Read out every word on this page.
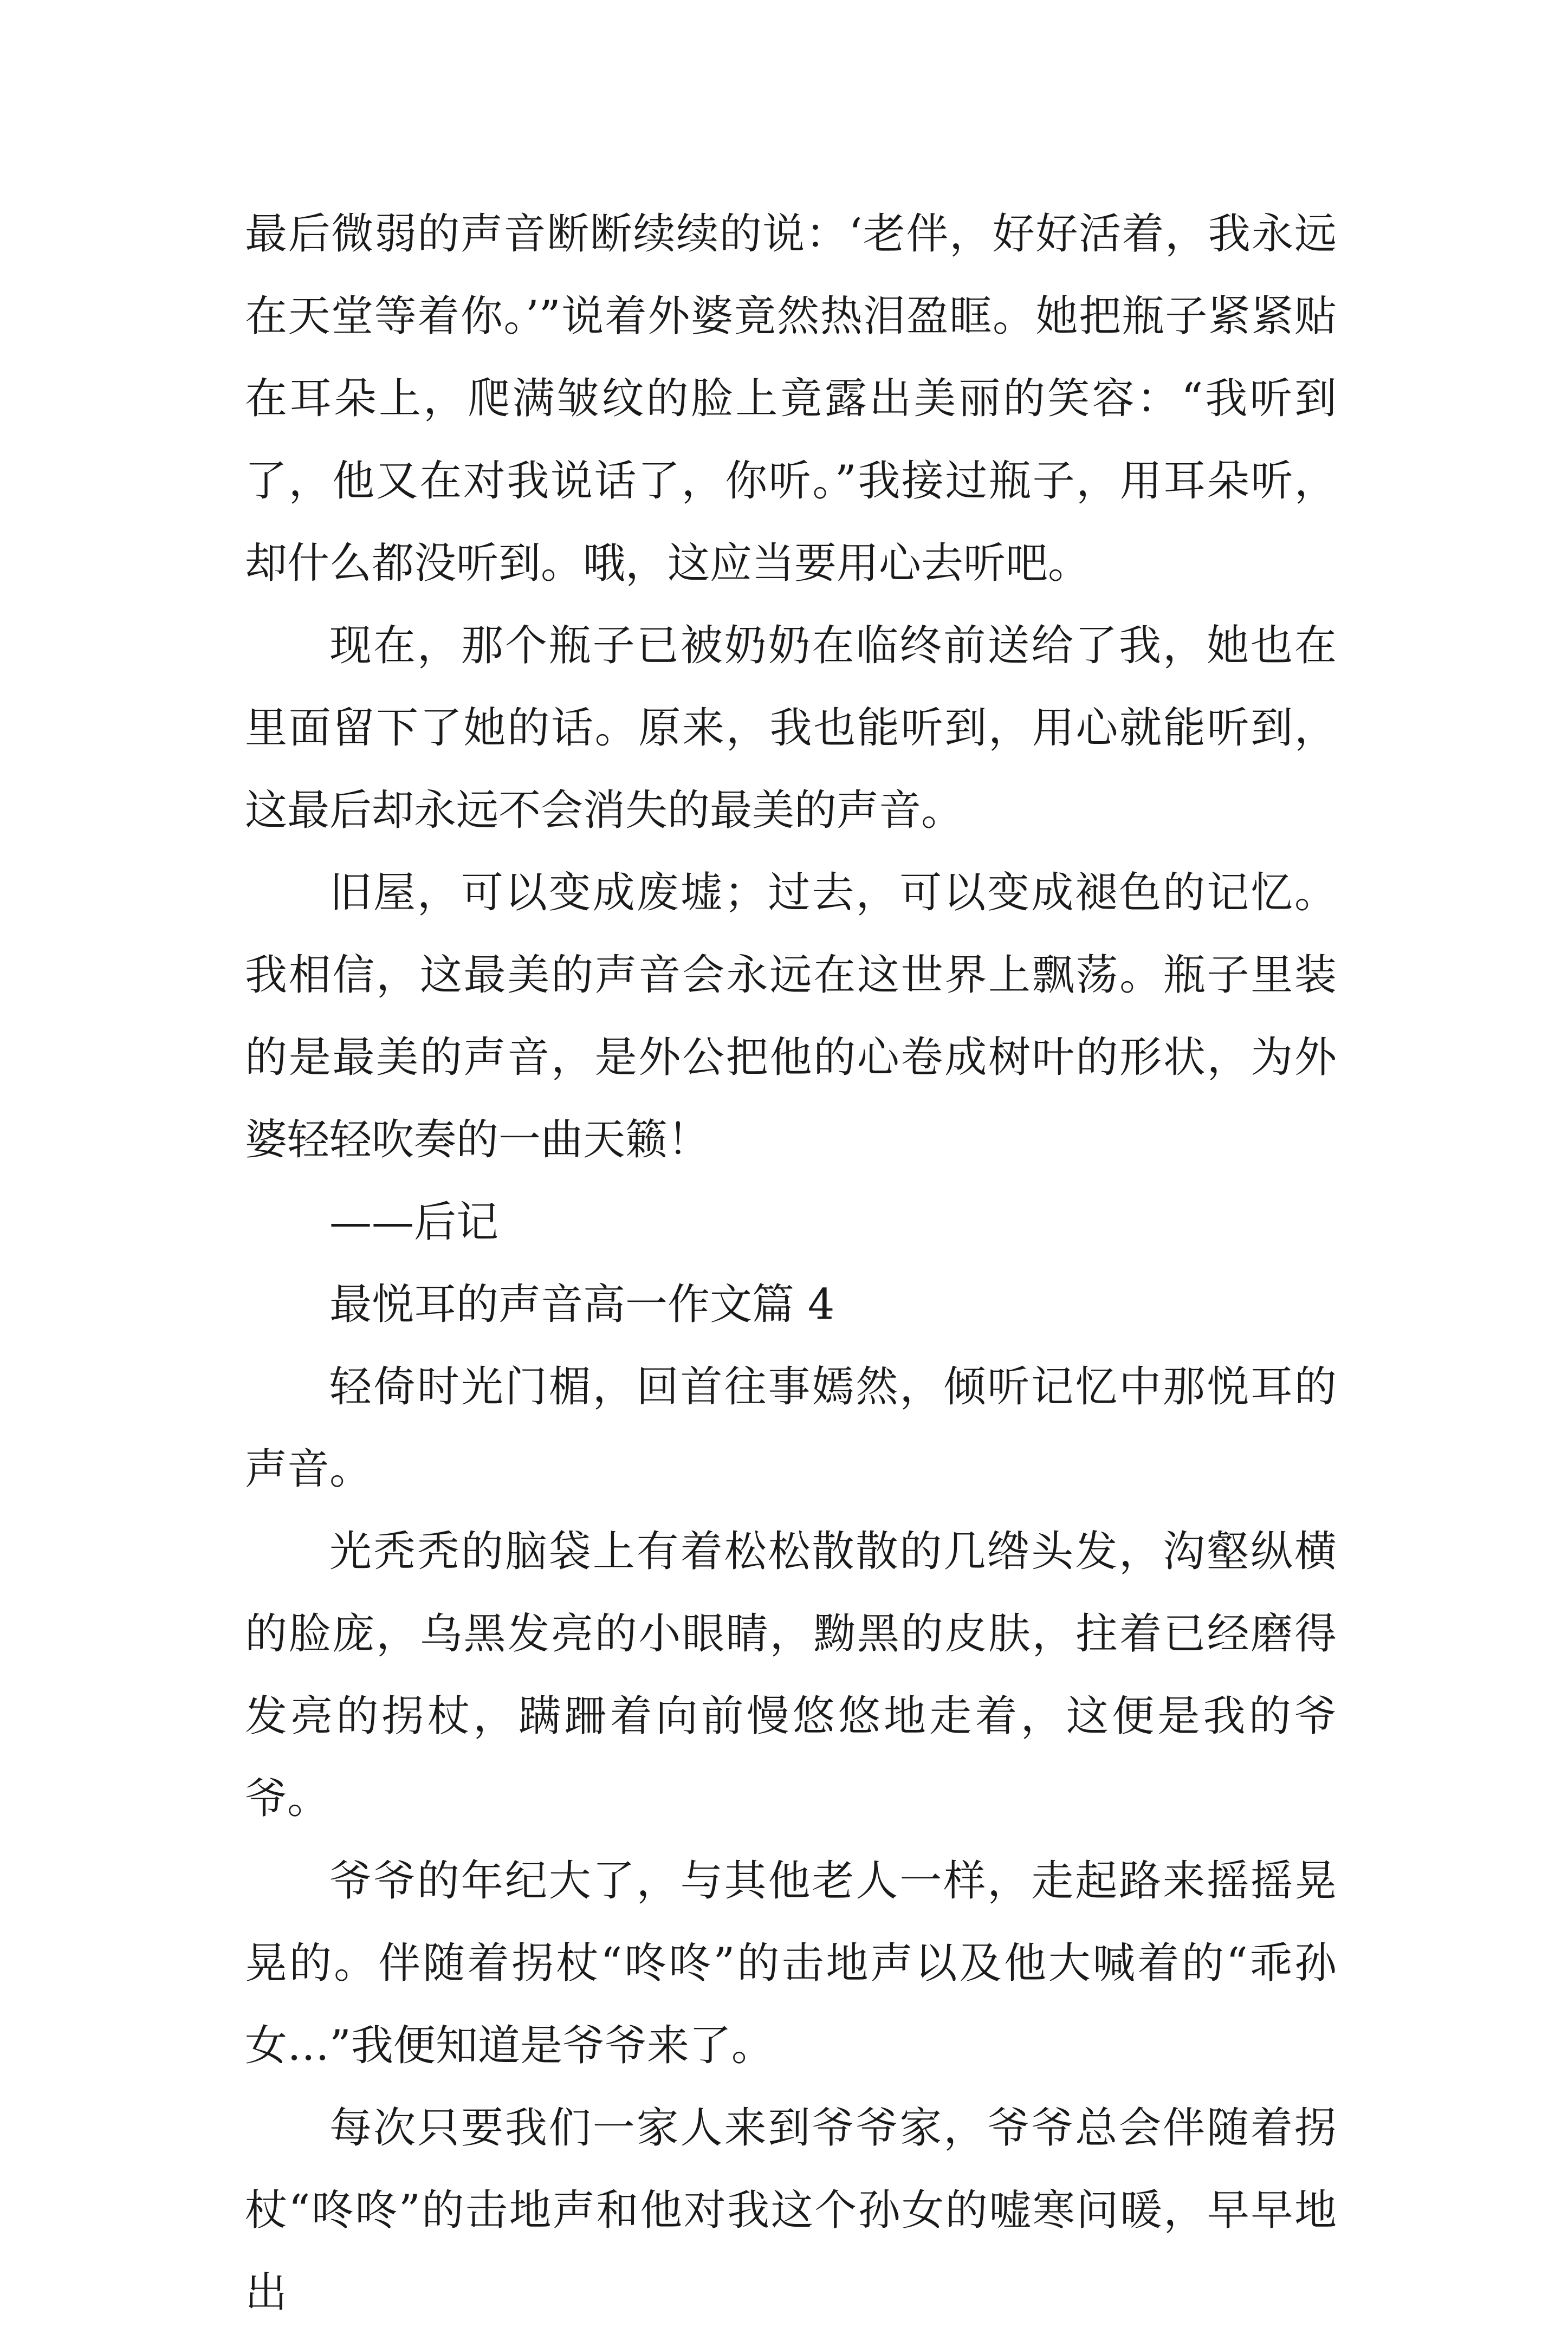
最后微弱的声音断断续续的说：‘老伴，好好活着，我永远在天堂等着你。’”说着外婆竟然热泪盈眶。她把瓶子紧紧贴在耳朵上，爬满皱纹的脸上竟露出美丽的笑容：“我听到了，他又在对我说话了，你听。”我接过瓶子，用耳朵听，却什么都没听到。哦，这应当要用心去听吧。

现在，那个瓶子已被奶奶在临终前送给了我，她也在里面留下了她的话。原来，我也能听到，用心就能听到，这最后却永远不会消失的最美的声音。

旧屋，可以变成废墟；过去，可以变成褪色的记忆。我相信，这最美的声音会永远在这世界上飘荡。瓶子里装的是最美的声音，是外公把他的心卷成树叶的形状，为外婆轻轻吹奏的一曲天籁！

——后记

最悦耳的声音高一作文篇 4

轻倚时光门楣，回首往事嫣然，倾听记忆中那悦耳的声音。

光秃秃的脑袋上有着松松散散的几绺头发，沟壑纵横的脸庞，乌黑发亮的小眼睛，黝黑的皮肤，拄着已经磨得发亮的拐杖，蹒跚着向前慢悠悠地走着，这便是我的爷爷。

爷爷的年纪大了，与其他老人一样，走起路来摇摇晃晃的。伴随着拐杖“咚咚”的击地声以及他大喊着的“乖孙女…”我便知道是爷爷来了。

每次只要我们一家人来到爷爷家，爷爷总会伴随着拐杖“咚咚”的击地声和他对我这个孙女的嘘寒问暖，早早地出
